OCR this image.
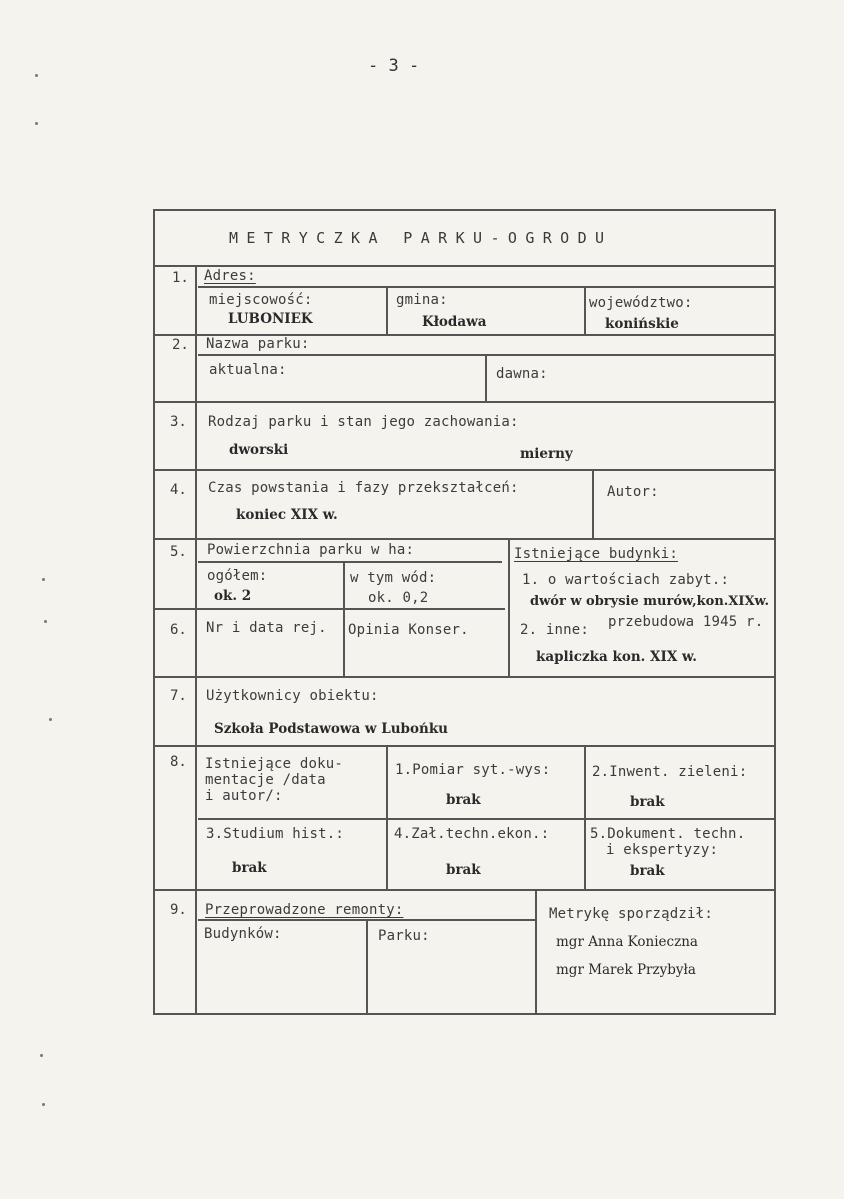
- 3 -
METRYCZKA PARKU-OGRODU
1. Adres:
miejscowość:
LUBONIEK
gmina:
Kłodawa
województwo:
konińskie
2. Nazwa parku:
aktualna:	dawna:
3. Rodzaj parku i stan jego zachowania:
dworski	mierny
4. Czas powstania i fazy przekształceń:
koniec XIX w.
Autor:
5. Powierzchnia parku w ha:
ogółem:
ok. 2
w tym wód:
ok. 0,2
Istniejące budynki:
1. o wartościach zabyt.:
dwór w obrysie murów,kon.XIXw.
2. inne: przebudowa 1945 r.
kapliczka kon. XIX w.
6. Nr i data rej. Opinia Konser.
7. Użytkownicy obiektu:
Szkoła Podstawowa w Lubońku
8. Istniejące doku-
mentacje /data
i autor/:
1.Pomiar syt.-wys:
brak
2.Inwent. zieleni:
brak
3.Studium hist.:
brak
4.Zał.techn.ekon.:
brak
5.Dokument. techn.
i ekspertyzy:
brak
9. Przeprowadzone remonty:
Budynków:	Parku:
Metrykę sporządził:
mgr Anna Konieczna
mgr Marek Przybyła
